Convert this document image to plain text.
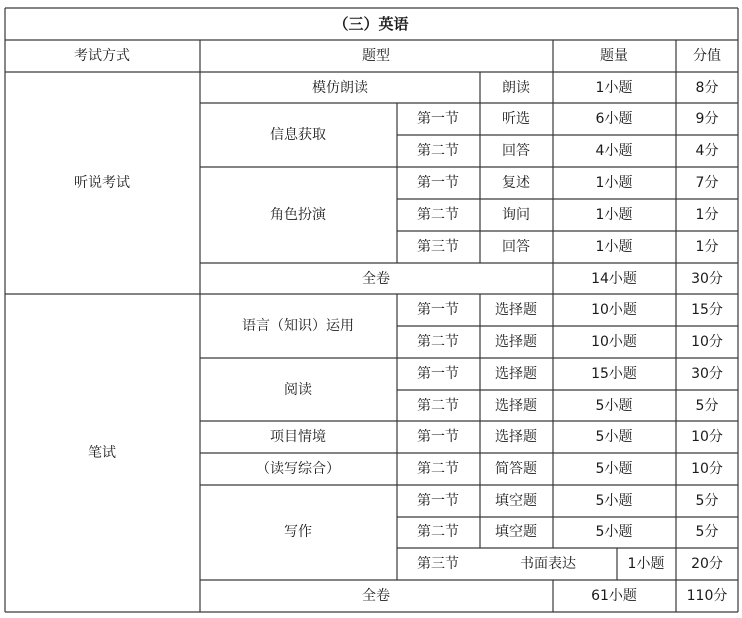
（三）英语
考试方式	题型	题量	分值
听说考试
模仿朗读	朗读	1小题	8分
信息获取
第一节	听选	6小题	9分
第二节	回答	4小题	4分
角色扮演
第一节	复述	1小题	7分
第二节	询问	1小题	1分
第三节	回答	1小题	1分
全卷	14小题	30分
笔试
语言（知识）运用
第一节	选择题	10小题	15分
第二节	选择题	10小题	10分
阅读
第一节	选择题	15小题	30分
第二节	选择题	5小题	5分
项目情境	第一节	选择题	5小题	10分
（读写综合）	第二节	简答题	5小题	10分
写作
第一节	填空题	5小题	5分
第二节	填空题	5小题	5分
第三节	书面表达	1小题 20分
全卷	61小题	110分
